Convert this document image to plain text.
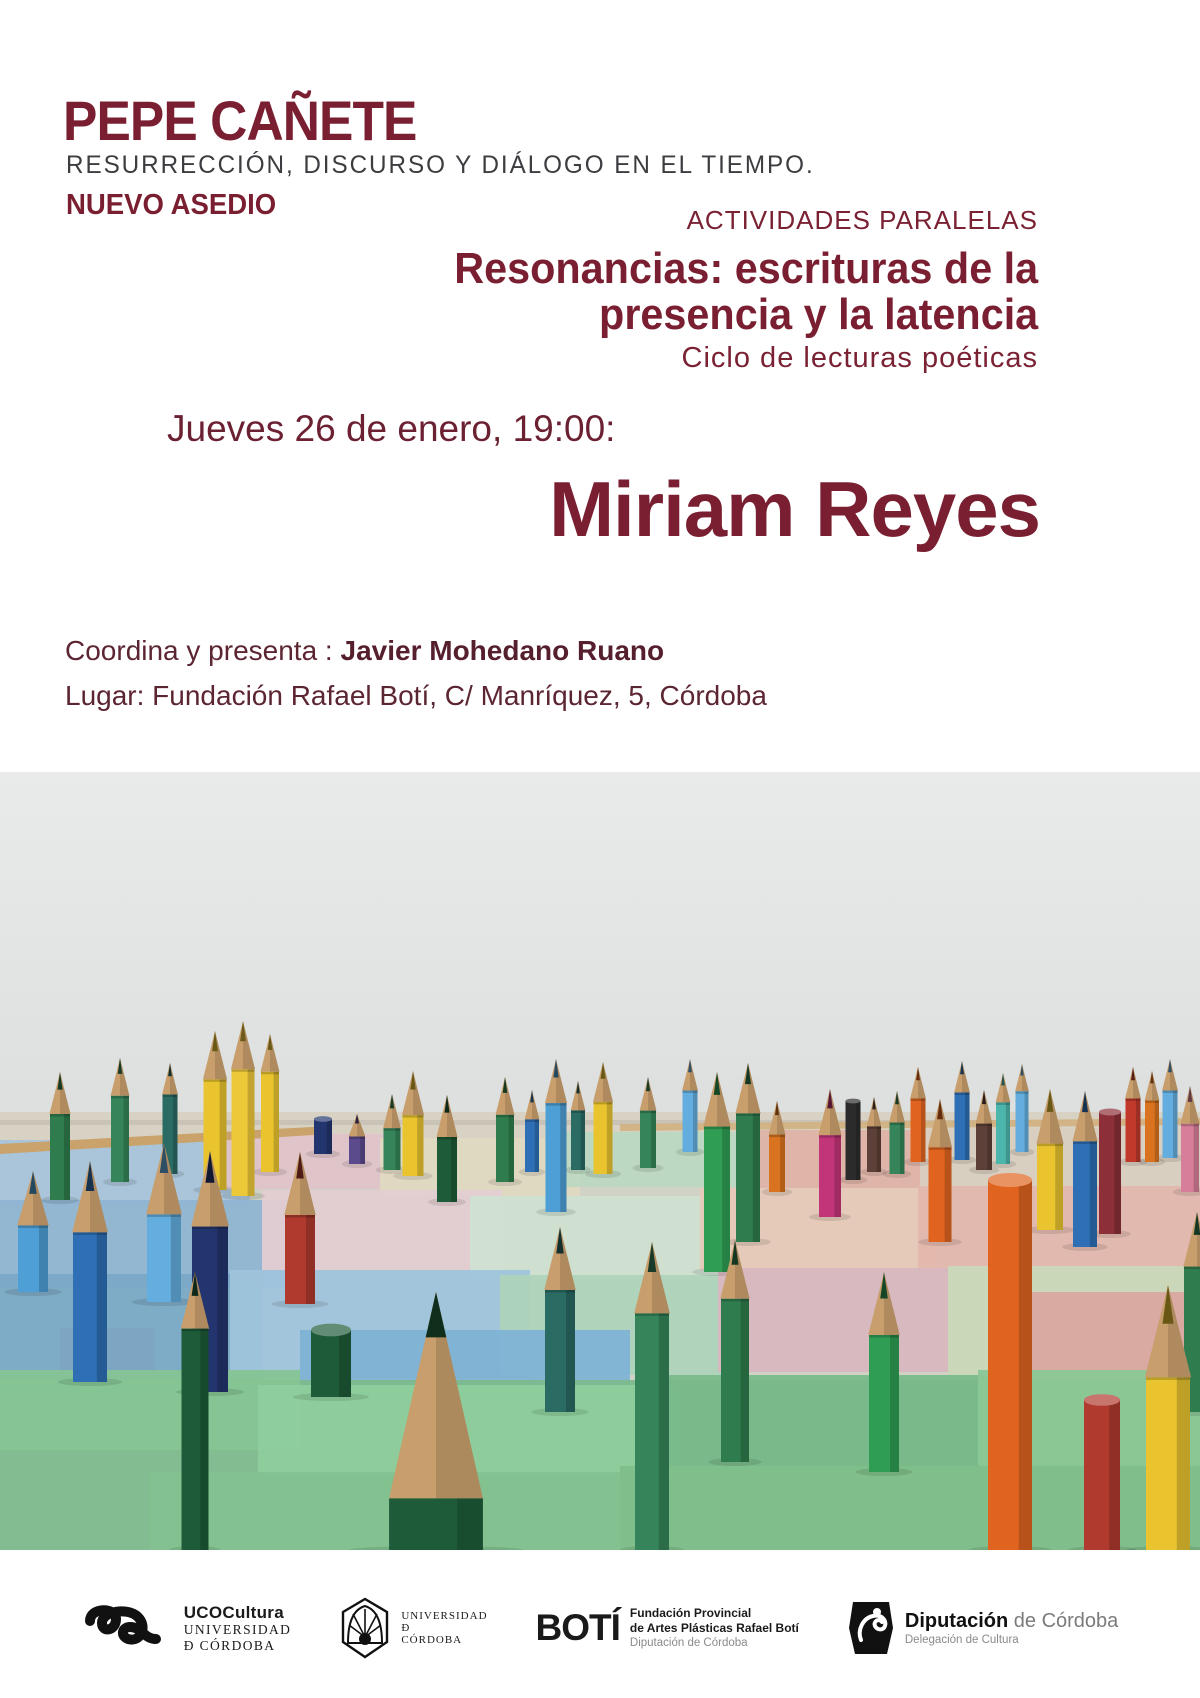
PEPE CAÑETE
RESURRECCIÓN, DISCURSO Y DIÁLOGO EN EL TIEMPO.
NUEVO ASEDIO	ACTIVIDADES PARALELAS
Resonancias: escrituras de la
presencia y la latencia
Ciclo de lecturas poéticas
Jueves 26 de enero, 19:00:
Miriam Reyes
Coordina y presenta : Javier Mohedano Ruano
Lugar: Fundación Rafael Botí, C/ Manríquez, 5, Córdoba
UCOCultura
UNIVERSIDAD
Ð CÓRDOBA
UNIVERSIDAD
Ð
CÓRDOBA	BOTÍ Fundación Provincial
de Artes Plásticas Rafael Botí
Diputación de Córdoba
Diputación de Córdoba
Delegación de Cultura
